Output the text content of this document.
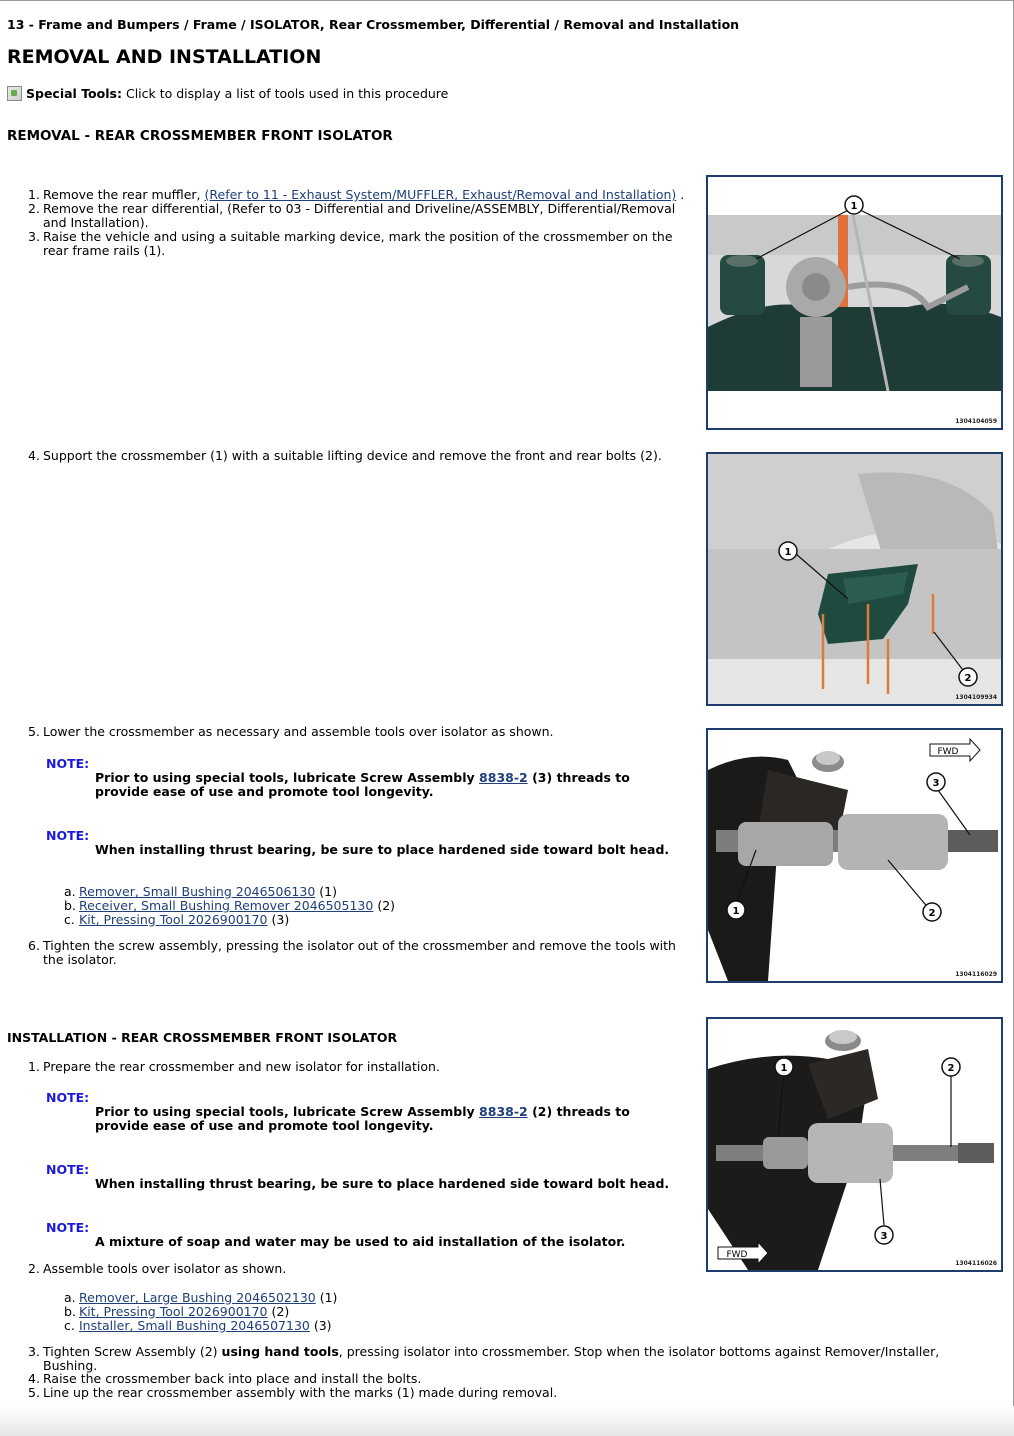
13 - Frame and Bumpers / Frame / ISOLATOR, Rear Crossmember, Differential / Removal and Installation
REMOVAL AND INSTALLATION
Special Tools: Click to display a list of tools used in this procedure
REMOVAL - REAR CROSSMEMBER FRONT ISOLATOR
1. Remove the rear muffler, (Refer to 11 - Exhaust System/MUFFLER, Exhaust/Removal and Installation) .
2. Remove the rear differential, (Refer to 03 - Differential and Driveline/ASSEMBLY, Differential/Removal and Installation).
3. Raise the vehicle and using a suitable marking device, mark the position of the crossmember on the rear frame rails (1).
4. Support the crossmember (1) with a suitable lifting device and remove the front and rear bolts (2).
5. Lower the crossmember as necessary and assemble tools over isolator as shown.
NOTE:
Prior to using special tools, lubricate Screw Assembly 8838-2 (3) threads to provide ease of use and promote tool longevity.
NOTE:
When installing thrust bearing, be sure to place hardened side toward bolt head.
a. Remover, Small Bushing 2046506130 (1)
b. Receiver, Small Bushing Remover 2046505130 (2)
c. Kit, Pressing Tool 2026900170 (3)
6. Tighten the screw assembly, pressing the isolator out of the crossmember and remove the tools with the isolator.
INSTALLATION - REAR CROSSMEMBER FRONT ISOLATOR
1. Prepare the rear crossmember and new isolator for installation.
NOTE:
Prior to using special tools, lubricate Screw Assembly 8838-2 (2) threads to provide ease of use and promote tool longevity.
NOTE:
When installing thrust bearing, be sure to place hardened side toward bolt head.
NOTE:
A mixture of soap and water may be used to aid installation of the isolator.
2. Assemble tools over isolator as shown.
a. Remover, Large Bushing 2046502130 (1)
b. Kit, Pressing Tool 2026900170 (2)
c. Installer, Small Bushing 2046507130 (3)
3. Tighten Screw Assembly (2) using hand tools, pressing isolator into crossmember. Stop when the isolator bottoms against Remover/Installer, Bushing.
4. Raise the crossmember back into place and install the bolts.
5. Line up the rear crossmember assembly with the marks (1) made during removal.
1
1304104059
1
2
1304109934
1	2
3
FWD
1304116029
1	2
3
FWD
1304116026
